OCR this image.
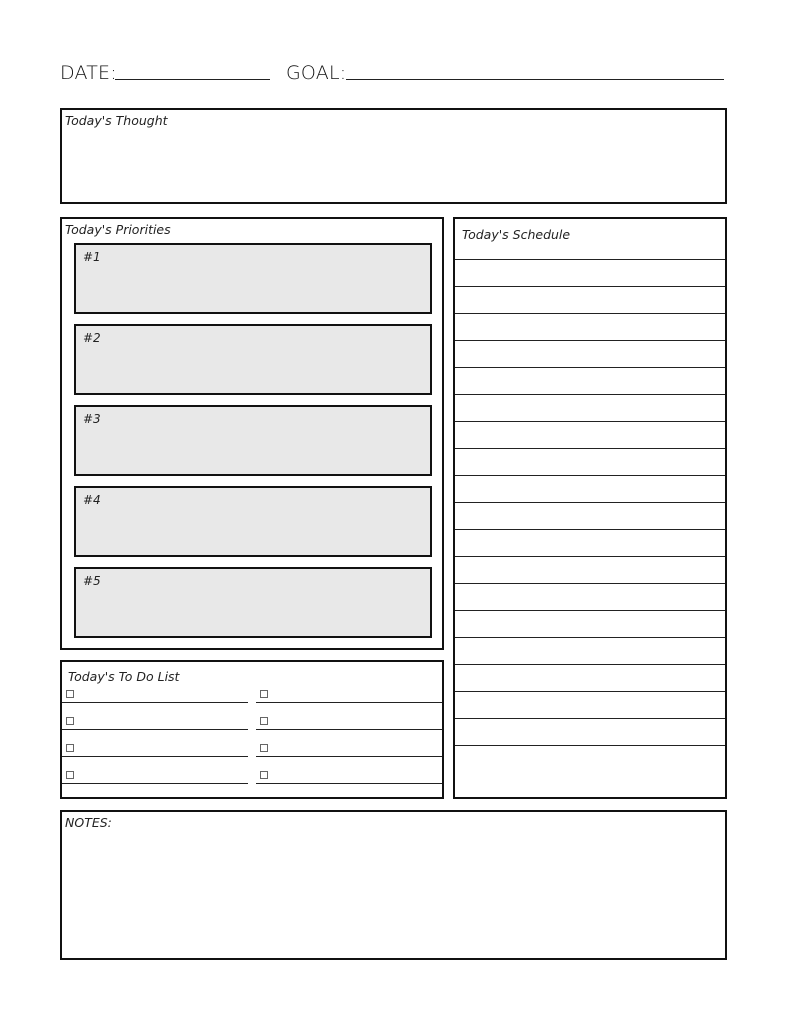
DATE:	GOAL:
Today's Thought
Today's Priorities
#1
#2
#3
#4
#5
Today's Schedule
Today's To Do List
NOTES:
